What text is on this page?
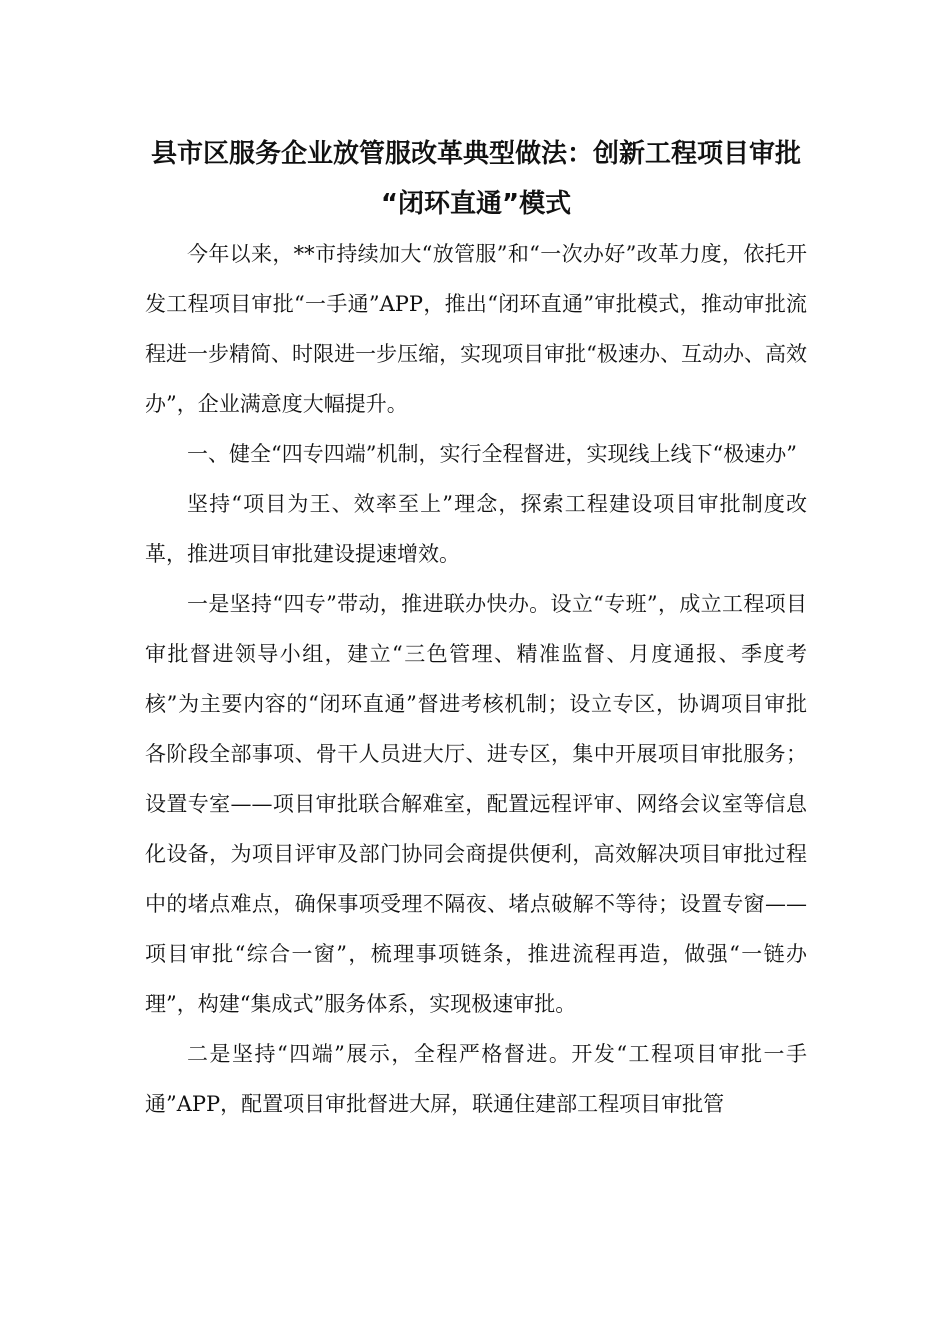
县市区服务企业放管服改革典型做法：创新工程项目审批
“闭环直通”模式

今年以来，**市持续加大“放管服”和“一次办好”改革力度，依托开发工程项目审批“一手通”APP，推出“闭环直通”审批模式，推动审批流程进一步精简、时限进一步压缩，实现项目审批“极速办、互动办、高效办”，企业满意度大幅提升。

一、健全“四专四端”机制，实行全程督进，实现线上线下“极速办”

坚持“项目为王、效率至上”理念，探索工程建设项目审批制度改革，推进项目审批建设提速增效。

一是坚持“四专”带动，推进联办快办。设立“专班”，成立工程项目审批督进领导小组，建立“三色管理、精准监督、月度通报、季度考核”为主要内容的“闭环直通”督进考核机制；设立专区，协调项目审批各阶段全部事项、骨干人员进大厅、进专区，集中开展项目审批服务；设置专室——项目审批联合解难室，配置远程评审、网络会议室等信息化设备，为项目评审及部门协同会商提供便利，高效解决项目审批过程中的堵点难点，确保事项受理不隔夜、堵点破解不等待；设置专窗——项目审批“综合一窗”，梳理事项链条，推进流程再造，做强“一链办理”，构建“集成式”服务体系，实现极速审批。

二是坚持“四端”展示，全程严格督进。开发“工程项目审批一手通”APP，配置项目审批督进大屏，联通住建部工程项目审批管
